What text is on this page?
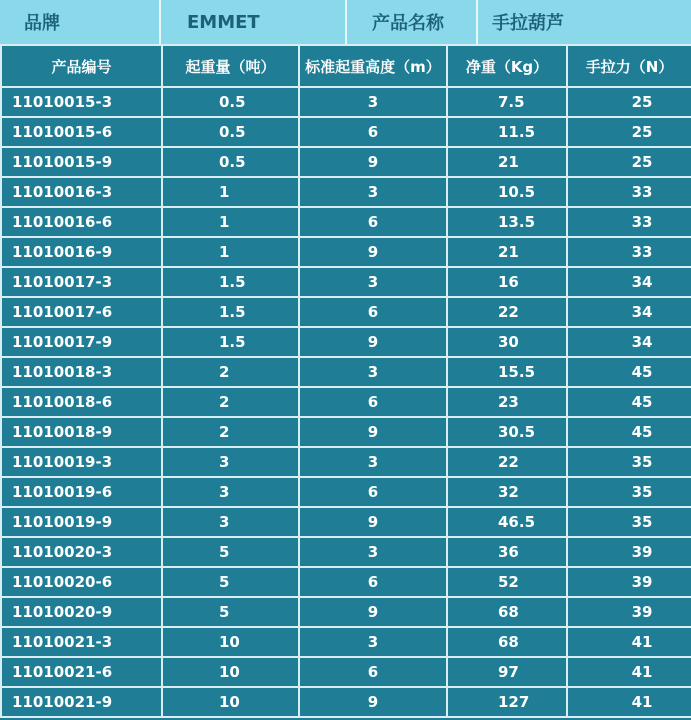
品牌	EMMET	产品名称	手拉葫芦
产品编号	起重量（吨）	标准起重高度（m）	净重（Kg）	手拉力（N）
11010015-3	0.5	3	7.5	25
11010015-6	0.5	6	11.5	25
11010015-9	0.5	9	21	25
11010016-3	1	3	10.5	33
11010016-6	1	6	13.5	33
11010016-9	1	9	21	33
11010017-3	1.5	3	16	34
11010017-6	1.5	6	22	34
11010017-9	1.5	9	30	34
11010018-3	2	3	15.5	45
11010018-6	2	6	23	45
11010018-9	2	9	30.5	45
11010019-3	3	3	22	35
11010019-6	3	6	32	35
11010019-9	3	9	46.5	35
11010020-3	5	3	36	39
11010020-6	5	6	52	39
11010020-9	5	9	68	39
11010021-3	10	3	68	41
11010021-6	10	6	97	41
11010021-9	10	9	127	41
